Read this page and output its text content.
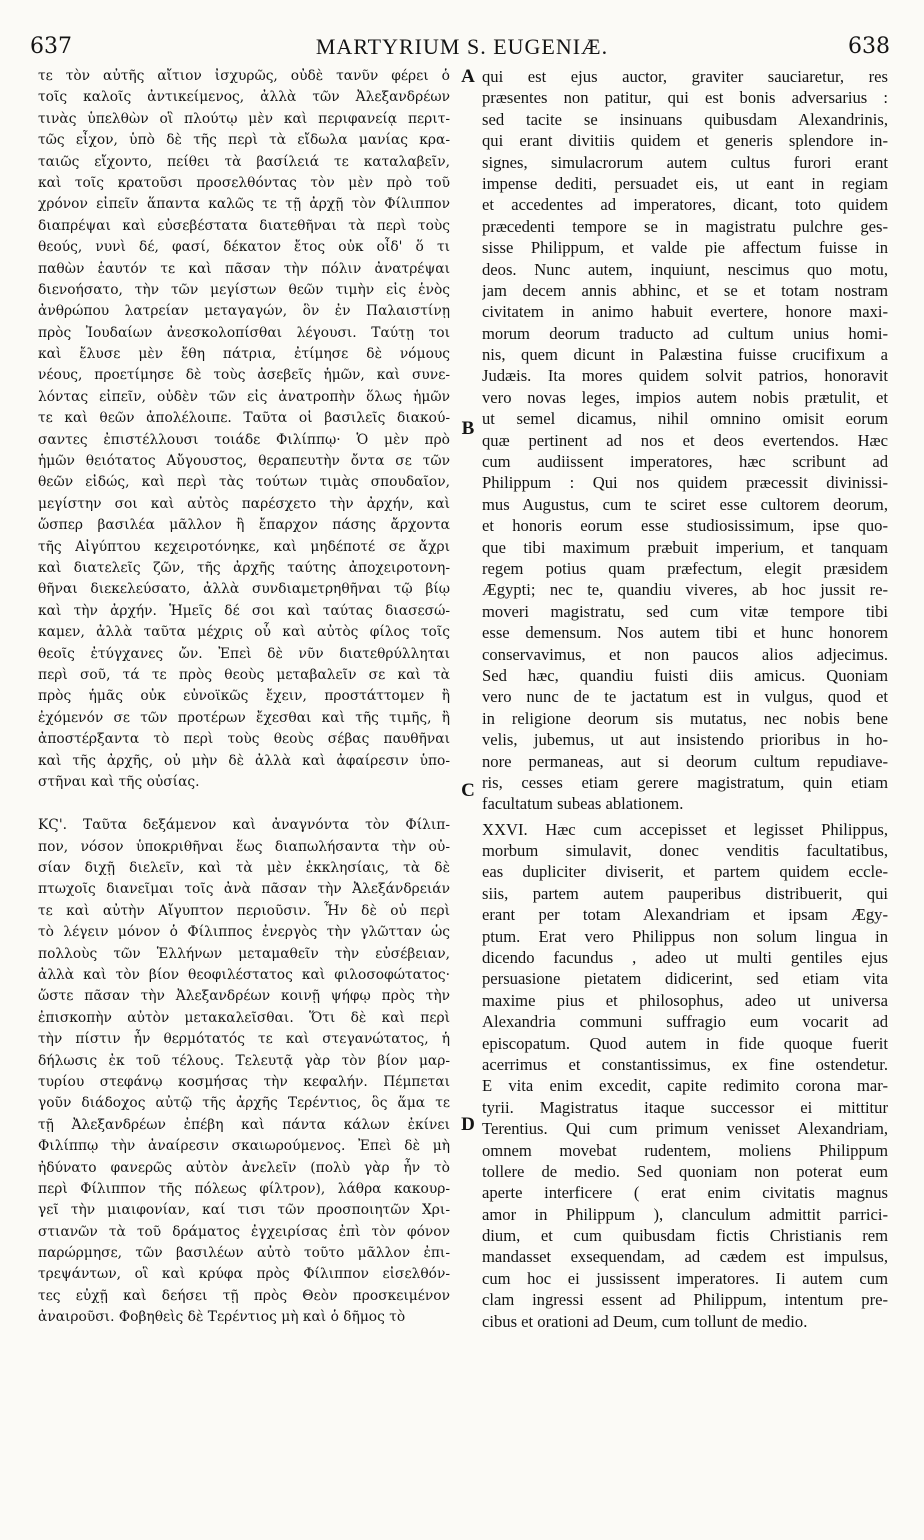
637	MARTYRIUM S. EUGENIÆ.	638
τε τὸν αὐτῆς αἴτιον ἰσχυρῶς, οὐδὲ τανῦν φέρει ὁ
τοῖς καλοῖς ἀντικείμενος, ἀλλὰ τῶν Ἀλεξανδρέων
τινὰς ὑπελθὼν οἳ πλούτῳ μὲν καὶ περιφανείᾳ περιτ-
τῶς εἶχον, ὑπὸ δὲ τῆς περὶ τὰ εἴδωλα μανίας κρα-
ταιῶς εἴχοντο, πείθει τὰ βασίλειά τε καταλαβεῖν,
καὶ τοῖς κρατοῦσι προσελθόντας τὸν μὲν πρὸ τοῦ
χρόνον εἰπεῖν ἅπαντα καλῶς τε τῇ ἀρχῇ τὸν Φίλιππον
διαπρέψαι καὶ εὐσεβέστατα διατεθῆναι τὰ περὶ τοὺς
θεούς, νυνὶ δέ, φασί, δέκατον ἔτος οὐκ οἶδ' ὅ τι
παθὼν ἑαυτόν τε καὶ πᾶσαν τὴν πόλιν ἀνατρέψαι
διενοήσατο, τὴν τῶν μεγίστων θεῶν τιμὴν εἰς ἑνὸς
ἀνθρώπου λατρείαν μεταγαγών, ὃν ἐν Παλαιστίνῃ
πρὸς Ἰουδαίων ἀνεσκολοπίσθαι λέγουσι. Ταύτῃ τοι
καὶ ἔλυσε μὲν ἔθη πάτρια, ἐτίμησε δὲ νόμους
νέους, προετίμησε δὲ τοὺς ἀσεβεῖς ἡμῶν, καὶ συνε-
λόντας εἰπεῖν, οὐδὲν τῶν εἰς ἀνατροπὴν ὅλως ἡμῶν
τε καὶ θεῶν ἀπολέλοιπε. Ταῦτα οἱ βασιλεῖς διακού-
σαντες ἐπιστέλλουσι τοιάδε Φιλίππῳ· Ὁ μὲν πρὸ
ἡμῶν θειότατος Αὔγουστος, θεραπευτὴν ὄντα σε τῶν
θεῶν εἰδώς, καὶ περὶ τὰς τούτων τιμὰς σπουδαῖον,
μεγίστην σοι καὶ αὐτὸς παρέσχετο τὴν ἀρχήν, καὶ
ὥσπερ βασιλέα μᾶλλον ἢ ἔπαρχον πάσης ἄρχοντα
τῆς Αἰγύπτου κεχειροτόνηκε, καὶ μηδέποτέ σε ἄχρι
καὶ διατελεῖς ζῶν, τῆς ἀρχῆς ταύτης ἀποχειροτονη-
θῆναι διεκελεύσατο, ἀλλὰ συνδιαμετρηθῆναι τῷ βίῳ
καὶ τὴν ἀρχήν. Ἡμεῖς δέ σοι καὶ ταύτας διασεσώ-
καμεν, ἀλλὰ ταῦτα μέχρις οὗ καὶ αὐτὸς φίλος τοῖς
θεοῖς ἐτύγχανες ὤν. Ἐπεὶ δὲ νῦν διατεθρύλληται
περὶ σοῦ, τά τε πρὸς θεοὺς μεταβαλεῖν σε καὶ τὰ
πρὸς ἡμᾶς οὐκ εὐνοϊκῶς ἔχειν, προστάττομεν ἢ
ἐχόμενόν σε τῶν προτέρων ἔχεσθαι καὶ τῆς τιμῆς, ἢ
ἀποστέρξαντα τὸ περὶ τοὺς θεοὺς σέβας παυθῆναι
καὶ τῆς ἀρχῆς, οὐ μὴν δὲ ἀλλὰ καὶ ἀφαίρεσιν ὑπο-
στῆναι καὶ τῆς οὐσίας.
ΚϚ'. Ταῦτα δεξάμενον καὶ ἀναγνόντα τὸν Φίλιπ-
πον, νόσον ὑποκριθῆναι ἕως διαπωλήσαντα τὴν οὐ-
σίαν διχῇ διελεῖν, καὶ τὰ μὲν ἐκκλησίαις, τὰ δὲ
πτωχοῖς διανεῖμαι τοῖς ἀνὰ πᾶσαν τὴν Ἀλεξάνδρειάν
τε καὶ αὐτὴν Αἴγυπτον περιοῦσιν. Ἦν δὲ οὐ περὶ
τὸ λέγειν μόνον ὁ Φίλιππος ἐνεργὸς τὴν γλῶτταν ὡς
πολλοὺς τῶν Ἑλλήνων μεταμαθεῖν τὴν εὐσέβειαν,
ἀλλὰ καὶ τὸν βίον θεοφιλέστατος καὶ φιλοσοφώτατος·
ὥστε πᾶσαν τὴν Ἀλεξανδρέων κοινῇ ψήφῳ πρὸς τὴν
ἐπισκοπὴν αὐτὸν μετακαλεῖσθαι. Ὅτι δὲ καὶ περὶ
τὴν πίστιν ἦν θερμότατός τε καὶ στεγανώτατος, ἡ
δήλωσις ἐκ τοῦ τέλους. Τελευτᾷ γὰρ τὸν βίον μαρ-
τυρίου στεφάνῳ κοσμήσας τὴν κεφαλήν. Πέμπεται
γοῦν διάδοχος αὐτῷ τῆς ἀρχῆς Τερέντιος, ὃς ἅμα τε
τῇ Ἀλεξανδρέων ἐπέβη καὶ πάντα κάλων ἐκίνει
Φιλίππῳ τὴν ἀναίρεσιν σκαιωρούμενος. Ἐπεὶ δὲ μὴ
ἠδύνατο φανερῶς αὐτὸν ἀνελεῖν (πολὺ γὰρ ἦν τὸ
περὶ Φίλιππον τῆς πόλεως φίλτρον), λάθρα κακουρ-
γεῖ τὴν μιαιφονίαν, καί τισι τῶν προσποιητῶν Χρι-
στιανῶν τὰ τοῦ δράματος ἐγχειρίσας ἐπὶ τὸν φόνον
παρώρμησε, τῶν βασιλέων αὐτὸ τοῦτο μᾶλλον ἐπι-
τρεψάντων, οἳ καὶ κρύφα πρὸς Φίλιππον εἰσελθόν-
τες εὐχῇ καὶ δεήσει τῇ πρὸς Θεὸν προσκειμένον
ἀναιροῦσι. Φοβηθεὶς δὲ Τερέντιος μὴ καὶ ὁ δῆμος τὸ
qui est ejus auctor, graviter sauciaretur, res
præsentes non patitur, qui est bonis adversarius :
sed tacite se insinuans quibusdam Alexandrinis,
qui erant divitiis quidem et generis splendore in-
signes, simulacrorum autem cultus furori erant
impense dediti, persuadet eis, ut eant in regiam
et accedentes ad imperatores, dicant, toto quidem
præcedenti tempore se in magistratu pulchre ges-
sisse Philippum, et valde pie affectum fuisse in
deos. Nunc autem, inquiunt, nescimus quo motu,
jam decem annis abhinc, et se et totam nostram
civitatem in animo habuit evertere, honore maxi-
morum deorum traducto ad cultum unius homi-
nis, quem dicunt in Palæstina fuisse crucifixum a
Judæis. Ita mores quidem solvit patrios, honoravit
vero novas leges, impios autem nobis prætulit, et
ut semel dicamus, nihil omnino omisit eorum
quæ pertinent ad nos et deos evertendos. Hæc
cum audiissent imperatores, hæc scribunt ad
Philippum : Qui nos quidem præcessit divinissi-
mus Augustus, cum te sciret esse cultorem deorum,
et honoris eorum esse studiosissimum, ipse quo-
que tibi maximum præbuit imperium, et tanquam
regem potius quam præfectum, elegit præsidem
Ægypti; nec te, quandiu viveres, ab hoc jussit re-
moveri magistratu, sed cum vitæ tempore tibi
esse demensum. Nos autem tibi et hunc honorem
conservavimus, et non paucos alios adjecimus.
Sed hæc, quandiu fuisti diis amicus. Quoniam
vero nunc de te jactatum est in vulgus, quod et
in religione deorum sis mutatus, nec nobis bene
velis, jubemus, ut aut insistendo prioribus in ho-
nore permaneas, aut si deorum cultum repudiave-
ris, cesses etiam gerere magistratum, quin etiam
facultatum subeas ablationem.
XXVI. Hæc cum accepisset et legisset Philippus,
morbum simulavit, donec venditis facultatibus,
eas dupliciter diviserit, et partem quidem eccle-
siis, partem autem pauperibus distribuerit, qui
erant per totam Alexandriam et ipsam Ægy-
ptum. Erat vero Philippus non solum lingua in
dicendo facundus , adeo ut multi gentiles ejus
persuasione pietatem didicerint, sed etiam vita
maxime pius et philosophus, adeo ut universa
Alexandria communi suffragio eum vocarit ad
episcopatum. Quod autem in fide quoque fuerit
acerrimus et constantissimus, ex fine ostendetur.
E vita enim excedit, capite redimito corona mar-
tyrii. Magistratus itaque successor ei mittitur
Terentius. Qui cum primum venisset Alexandriam,
omnem movebat rudentem, moliens Philippum
tollere de medio. Sed quoniam non poterat eum
aperte interficere ( erat enim civitatis magnus
amor in Philippum ), clanculum admittit parrici-
dium, et cum quibusdam fictis Christianis rem
mandasset exsequendam, ad cædem est impulsus,
cum hoc ei jussissent imperatores. Ii autem cum
clam ingressi essent ad Philippum, intentum pre-
cibus et orationi ad Deum, cum tollunt de medio.
A
B
C
D
